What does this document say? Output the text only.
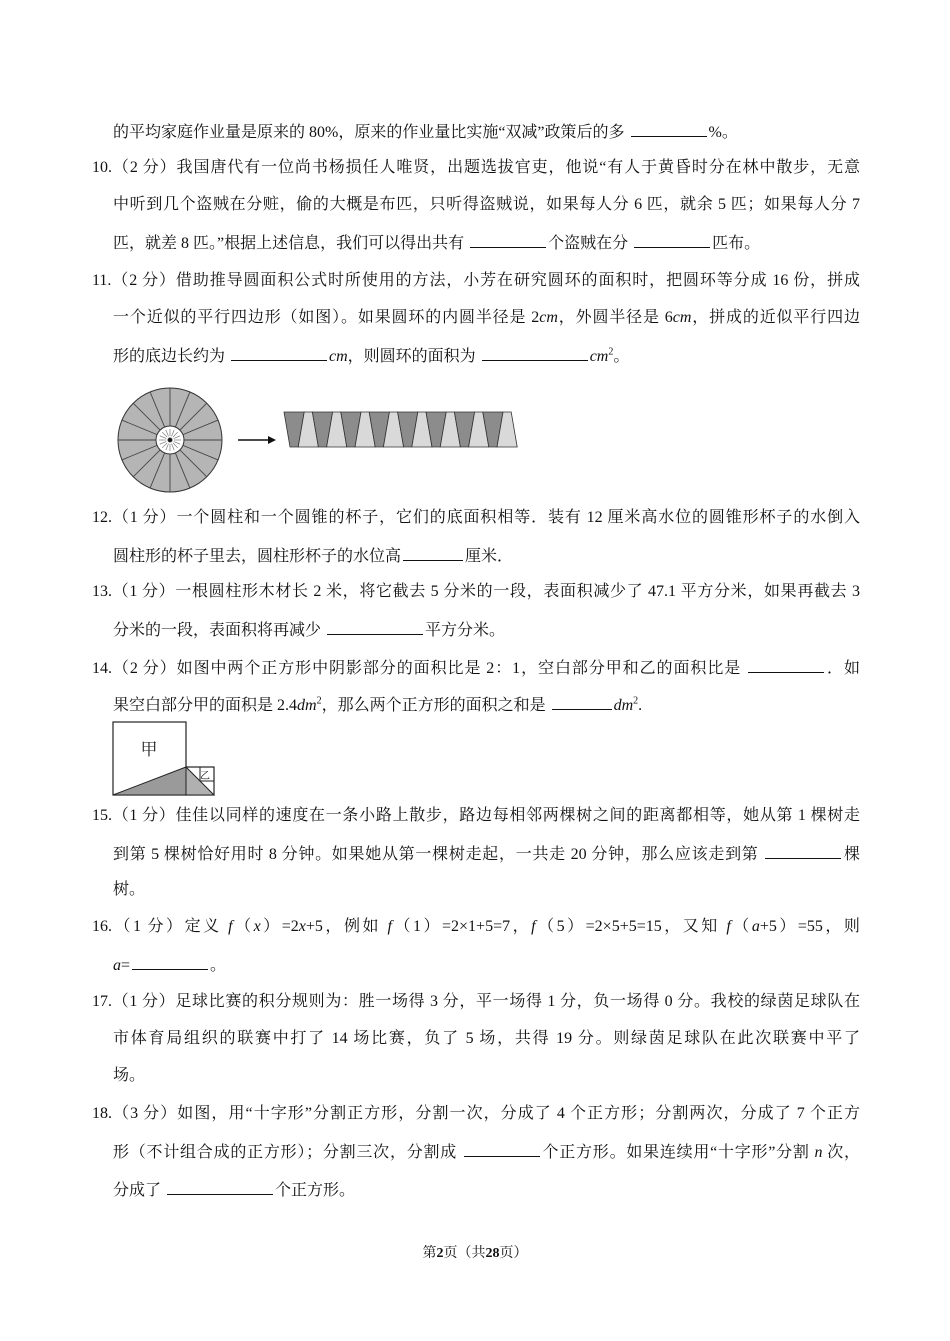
的平均家庭作业量是原来的 80%，原来的作业量比实施“双减”政策后的多	%。
10.（2 分）我国唐代有一位尚书杨损任人唯贤，出题选拔官吏，他说“有人于黄昏时分在林中散步，无意
中听到几个盗贼在分赃，偷的大概是布匹，只听得盗贼说，如果每人分 6 匹，就余 5 匹；如果每人分 7
匹，就差 8 匹。”根据上述信息，我们可以得出共有	个盗贼在分	匹布。
11.（2 分）借助推导圆面积公式时所使用的方法，小芳在研究圆环的面积时，把圆环等分成 16 份，拼成
一个近似的平行四边形（如图）。如果圆环的内圆半径是 2cm，外圆半径是 6cm，拼成的近似平行四边
形的底边长约为	cm，则圆环的面积为	$cm^2$。
12.（1 分）一个圆柱和一个圆锥的杯子，它们的底面积相等．装有 12 厘米高水位的圆锥形杯子的水倒入
圆柱形的杯子里去，圆柱形杯子的水位高	厘米．
13.（1 分）一根圆柱形木材长 2 米，将它截去 5 分米的一段，表面积减少了 47.1 平方分米，如果再截去 3
分米的一段，表面积将再减少	平方分米。
14.（2 分）如图中两个正方形中阴影部分的面积比是 2：1，空白部分甲和乙的面积比是	．如
果空白部分甲的面积是 $2.4dm^2$，那么两个正方形的面积之和是	$dm^2$.
15.（1 分）佳佳以同样的速度在一条小路上散步，路边每相邻两棵树之间的距离都相等，她从第 1 棵树走
到第 5 棵树恰好用时 8 分钟。如果她从第一棵树走起，一共走 20 分钟，那么应该走到第	棵
树。
16.（1 分）定义 f（x）=2x+5，例如 f（1）=2×1+5=7，f（5）=2×5+5=15，又知 f（a+5）=55，则
a=	。
17.（1 分）足球比赛的积分规则为：胜一场得 3 分，平一场得 1 分，负一场得 0 分。我校的绿茵足球队在
市体育局组织的联赛中打了 14 场比赛，负了 5 场，共得 19 分。则绿茵足球队在此次联赛中平了
场。
18.（3 分）如图，用“十字形”分割正方形，分割一次，分成了 4 个正方形；分割两次，分成了 7 个正方
形（不计组合成的正方形）；分割三次，分割成	个正方形。如果连续用“十字形”分割 n 次，
分成了	个正方形。
甲
乙
第2页（共28页）
